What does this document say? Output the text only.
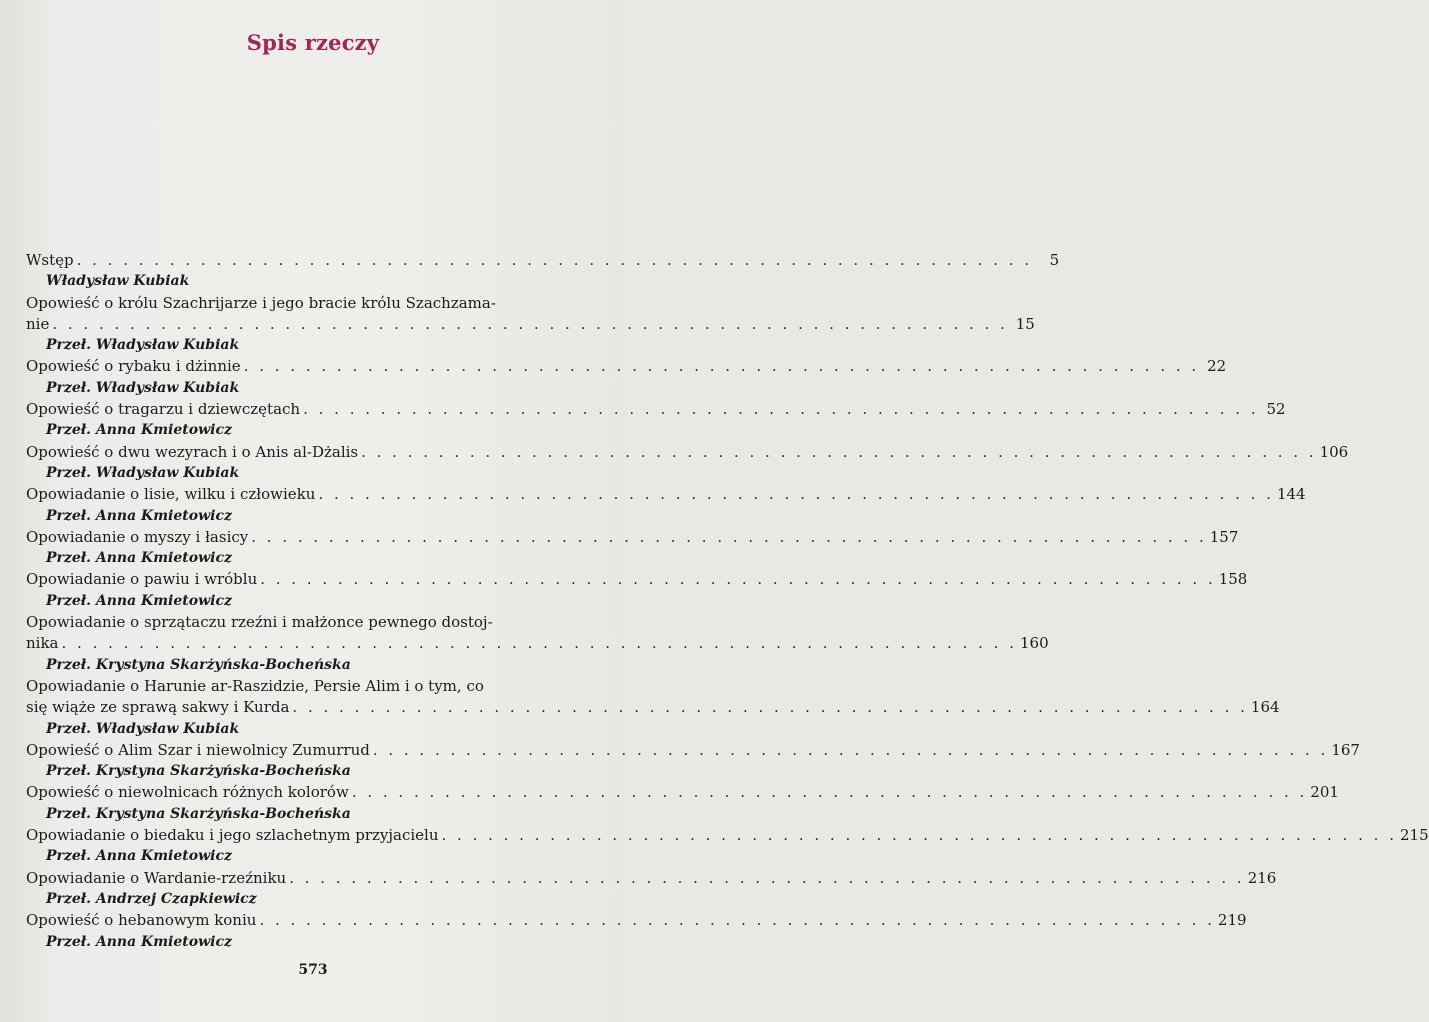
Spis rzeczy
Wstęp . . . . . . . . . . . . . . . . . . . . . . . . . . . . . . . . . . . . . . . . . . . . . . . . . . . . . . . . . . . . . .	5
Władysław Kubiak
Opowieść o królu Szachrijarze i jego bracie królu Szachzama-
nie . . . . . . . . . . . . . . . . . . . . . . . . . . . . . . . . . . . . . . . . . . . . . . . . . . . . . . . . . . . . . . 15
Przeł. Władysław Kubiak
Opowieść o rybaku i dżinnie . . . . . . . . . . . . . . . . . . . . . . . . . . . . . . . . . . . . . . . . . . . . . . . . . . . . . . . . . . . . . . 22
Przeł. Władysław Kubiak
Opowieść o tragarzu i dziewczętach . . . . . . . . . . . . . . . . . . . . . . . . . . . . . . . . . . . . . . . . . . . . . . . . . . . . . . . . . . . . . . 52
Przeł. Anna Kmietowicz
Opowieść o dwu wezyrach i o Anis al-Dżalis . . . . . . . . . . . . . . . . . . . . . . . . . . . . . . . . . . . . . . . . . . . . . . . . . . . . . . . . . . . . . . 106
Przeł. Władysław Kubiak
Opowiadanie o lisie, wilku i człowieku . . . . . . . . . . . . . . . . . . . . . . . . . . . . . . . . . . . . . . . . . . . . . . . . . . . . . . . . . . . . . . 144
Przeł. Anna Kmietowicz
Opowiadanie o myszy i łasicy . . . . . . . . . . . . . . . . . . . . . . . . . . . . . . . . . . . . . . . . . . . . . . . . . . . . . . . . . . . . . . 157
Przeł. Anna Kmietowicz
Opowiadanie o pawiu i wróblu . . . . . . . . . . . . . . . . . . . . . . . . . . . . . . . . . . . . . . . . . . . . . . . . . . . . . . . . . . . . . . 158
Przeł. Anna Kmietowicz
Opowiadanie o sprzątaczu rzeźni i małżonce pewnego dostoj-
nika . . . . . . . . . . . . . . . . . . . . . . . . . . . . . . . . . . . . . . . . . . . . . . . . . . . . . . . . . . . . . . 160
Przeł. Krystyna Skarżyńska-Bocheńska
Opowiadanie o Harunie ar-Raszidzie, Persie Alim i o tym, co
się wiąże ze sprawą sakwy i Kurda . . . . . . . . . . . . . . . . . . . . . . . . . . . . . . . . . . . . . . . . . . . . . . . . . . . . . . . . . . . . . . 164
Przeł. Władysław Kubiak
Opowieść o Alim Szar i niewolnicy Zumurrud . . . . . . . . . . . . . . . . . . . . . . . . . . . . . . . . . . . . . . . . . . . . . . . . . . . . . . . . . . . . . . 167
Przeł. Krystyna Skarżyńska-Bocheńska
Opowieść o niewolnicach różnych kolorów . . . . . . . . . . . . . . . . . . . . . . . . . . . . . . . . . . . . . . . . . . . . . . . . . . . . . . . . . . . . . . 201
Przeł. Krystyna Skarżyńska-Bocheńska
Opowiadanie o biedaku i jego szlachetnym przyjacielu . . . . . . . . . . . . . . . . . . . . . . . . . . . . . . . . . . . . . . . . . . . . . . . . . . . . . . . . . . . . . . 215
Przeł. Anna Kmietowicz
Opowiadanie o Wardanie-rzeźniku . . . . . . . . . . . . . . . . . . . . . . . . . . . . . . . . . . . . . . . . . . . . . . . . . . . . . . . . . . . . . . 216
Przeł. Andrzej Czapkiewicz
Opowieść o hebanowym koniu . . . . . . . . . . . . . . . . . . . . . . . . . . . . . . . . . . . . . . . . . . . . . . . . . . . . . . . . . . . . . . 219
Przeł. Anna Kmietowicz
573
